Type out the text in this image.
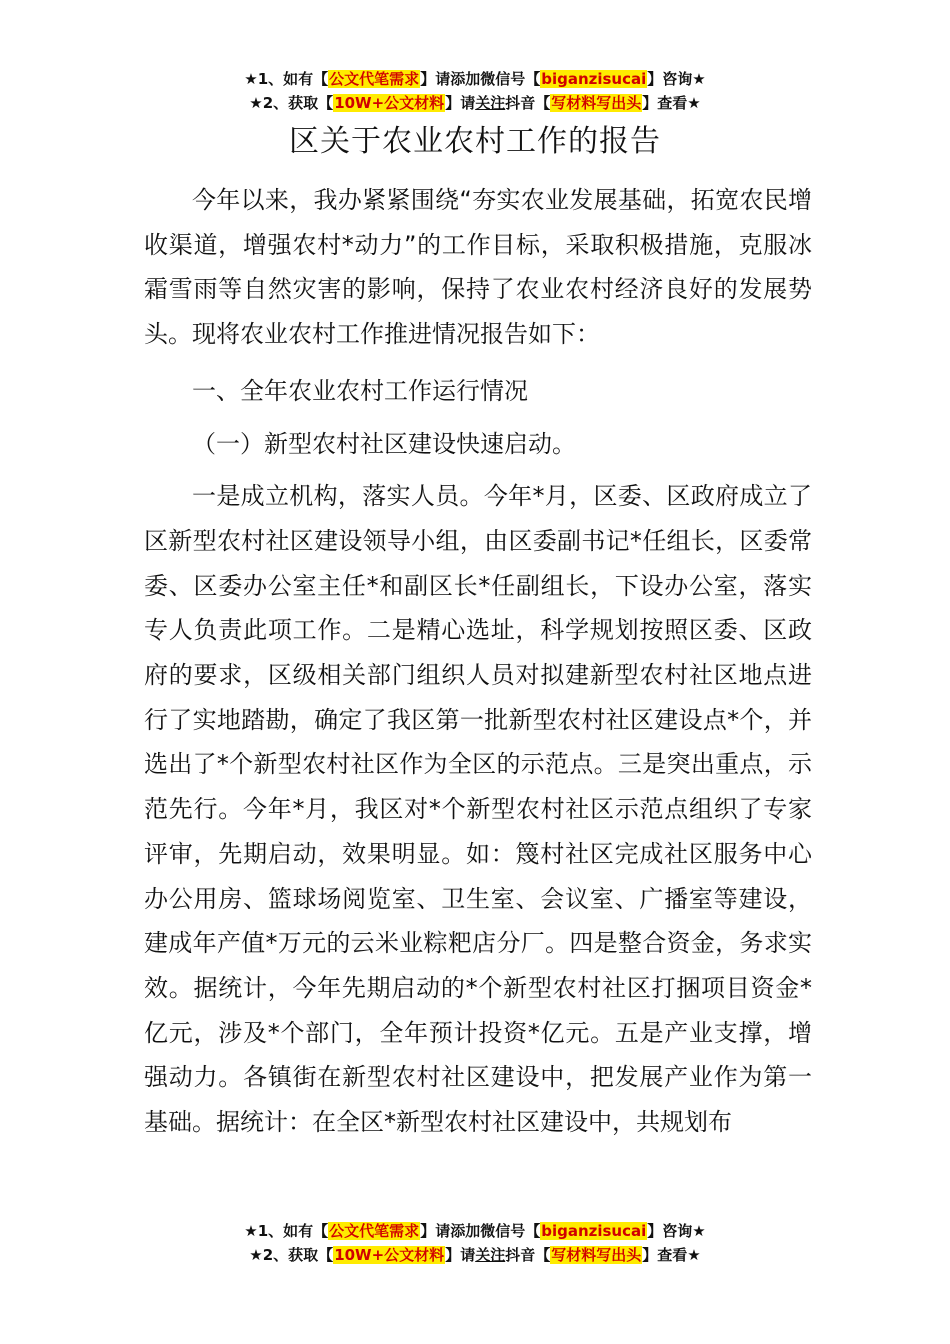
★1、如有【公文代笔需求】请添加微信号【biganzisucai】咨询★
★2、获取【10W+公文材料】请关注抖音【写材料写出头】查看★
区关于农业农村工作的报告

今年以来，我办紧紧围绕“夯实农业发展基础，拓宽农民增收渠道，增强农村*动力”的工作目标，采取积极措施，克服冰霜雪雨等自然灾害的影响，保持了农业农村经济良好的发展势头。现将农业农村工作推进情况报告如下：

一、全年农业农村工作运行情况

（一）新型农村社区建设快速启动。

一是成立机构，落实人员。今年*月，区委、区政府成立了区新型农村社区建设领导小组，由区委副书记*任组长，区委常委、区委办公室主任*和副区长*任副组长，下设办公室，落实专人负责此项工作。二是精心选址，科学规划按照区委、区政府的要求，区级相关部门组织人员对拟建新型农村社区地点进行了实地踏勘，确定了我区第一批新型农村社区建设点*个，并选出了*个新型农村社区作为全区的示范点。三是突出重点，示范先行。今年*月，我区对*个新型农村社区示范点组织了专家评审，先期启动，效果明显。如：篾村社区完成社区服务中心办公用房、篮球场阅览室、卫生室、会议室、广播室等建设，建成年产值*万元的云米业粽粑店分厂。四是整合资金，务求实效。据统计，今年先期启动的*个新型农村社区打捆项目资金*亿元，涉及*个部门，全年预计投资*亿元。五是产业支撑，增强动力。各镇街在新型农村社区建设中，把发展产业作为第一基础。据统计：在全区*新型农村社区建设中，共规划布

★1、如有【公文代笔需求】请添加微信号【biganzisucai】咨询★
★2、获取【10W+公文材料】请关注抖音【写材料写出头】查看★
